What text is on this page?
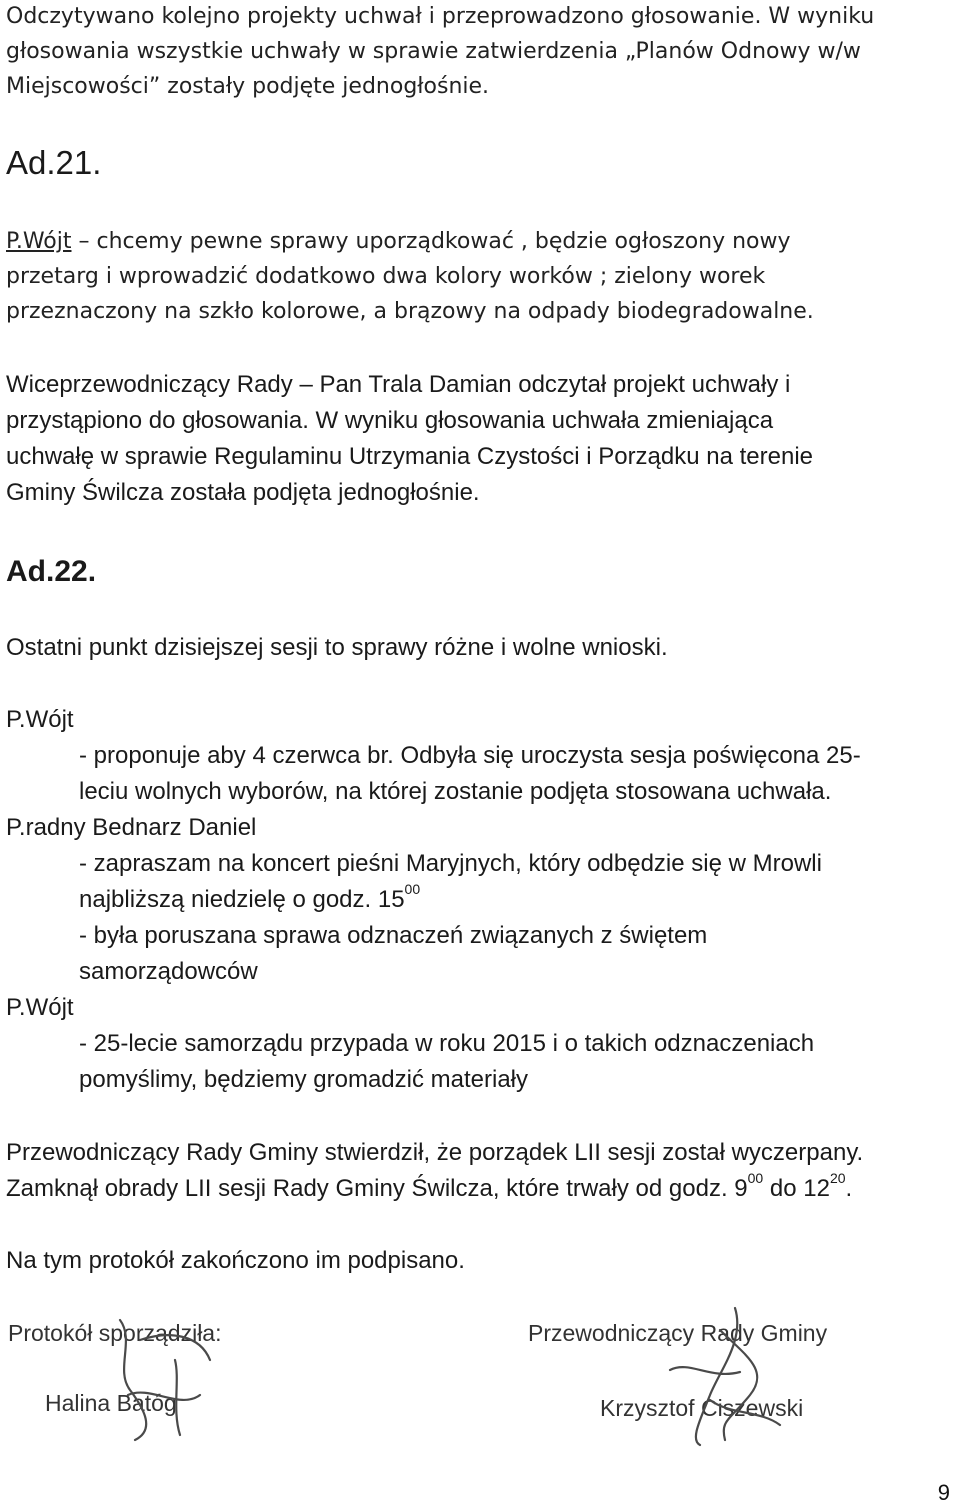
Odczytywano kolejno projekty uchwał i przeprowadzono głosowanie. W wyniku
głosowania wszystkie uchwały w sprawie zatwierdzenia „Planów Odnowy w/w
Miejscowości” zostały podjęte jednogłośnie.
Ad.21.
P.Wójt – chcemy pewne sprawy uporządkować , będzie ogłoszony nowy
przetarg i wprowadzić dodatkowo dwa kolory worków ; zielony worek
przeznaczony na szkło kolorowe, a brązowy na odpady biodegradowalne.
Wiceprzewodniczący Rady – Pan Trala Damian odczytał projekt uchwały i
przystąpiono do głosowania. W wyniku głosowania uchwała zmieniająca
uchwałę w sprawie Regulaminu Utrzymania Czystości i Porządku na terenie
Gminy Świlcza została podjęta jednogłośnie.
Ad.22.
Ostatni punkt dzisiejszej sesji to sprawy różne i wolne wnioski.
P.Wójt
- proponuje aby 4 czerwca br. Odbyła się uroczysta sesja poświęcona 25-
leciu wolnych wyborów, na której zostanie podjęta stosowana uchwała.
P.radny Bednarz Daniel
- zapraszam na koncert pieśni Maryjnych, który odbędzie się w Mrowli
najbliższą niedzielę o godz. $15^{00}$
- była poruszana sprawa odznaczeń związanych z świętem
samorządowców
P.Wójt
- 25-lecie samorządu przypada w roku 2015 i o takich odznaczeniach
pomyślimy, będziemy gromadzić materiały
Przewodniczący Rady Gminy stwierdził, że porządek LII sesji został wyczerpany.
Zamknął obrady LII sesji Rady Gminy Świlcza, które trwały od godz. $9^{00}$ do $12^{20}$.
Na tym protokół zakończono im podpisano.
Protokół sporządziła:
Halina Batóg
Przewodniczący Rady Gminy
Krzysztof Ciszewski
9
